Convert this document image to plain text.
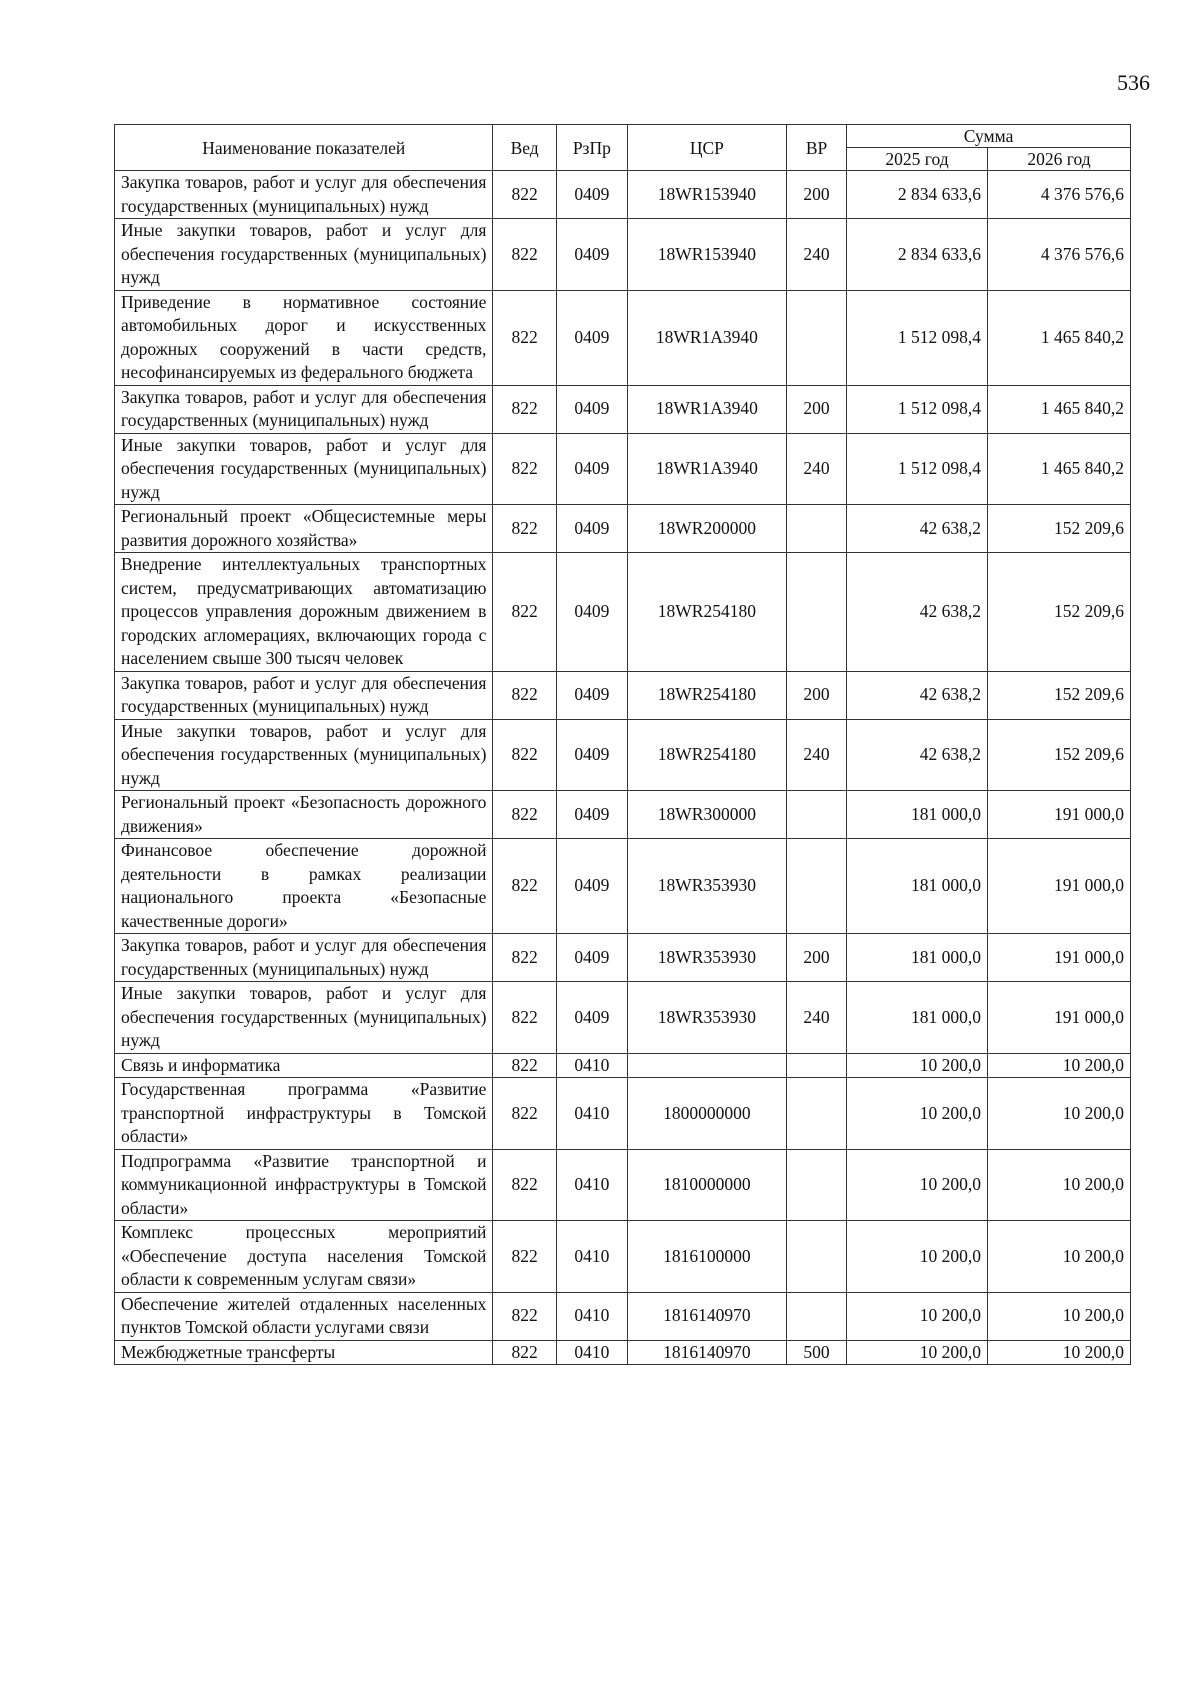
536
Наименование показателей	Вед	РзПр	ЦСР	ВР	Сумма	
					2025 год	2026 год
Закупка товаров, работ и услуг для обеспечения государственных (муниципальных) нужд	822	0409	18WR153940	200	2 834 633,6	4 376 576,6
Иные закупки товаров, работ и услуг для обеспечения государственных (муниципальных) нужд	822	0409	18WR153940	240	2 834 633,6	4 376 576,6
Приведение в нормативное состояние автомобильных дорог и искусственных дорожных сооружений в части средств, несофинансируемых из федерального бюджета	822	0409	18WR1A3940		1 512 098,4	1 465 840,2
Закупка товаров, работ и услуг для обеспечения государственных (муниципальных) нужд	822	0409	18WR1A3940	200	1 512 098,4	1 465 840,2
Иные закупки товаров, работ и услуг для обеспечения государственных (муниципальных) нужд	822	0409	18WR1A3940	240	1 512 098,4	1 465 840,2
Региональный проект «Общесистемные меры развития дорожного хозяйства»	822	0409	18WR200000		42 638,2	152 209,6
Внедрение интеллектуальных транспортных систем, предусматривающих автоматизацию процессов управления дорожным движением в городских агломерациях, включающих города с населением свыше 300 тысяч человек	822	0409	18WR254180		42 638,2	152 209,6
Закупка товаров, работ и услуг для обеспечения государственных (муниципальных) нужд	822	0409	18WR254180	200	42 638,2	152 209,6
Иные закупки товаров, работ и услуг для обеспечения государственных (муниципальных) нужд	822	0409	18WR254180	240	42 638,2	152 209,6
Региональный проект «Безопасность дорожного движения»	822	0409	18WR300000		181 000,0	191 000,0
Финансовое обеспечение дорожной деятельности в рамках реализации национального проекта «Безопасные качественные дороги»	822	0409	18WR353930		181 000,0	191 000,0
Закупка товаров, работ и услуг для обеспечения государственных (муниципальных) нужд	822	0409	18WR353930	200	181 000,0	191 000,0
Иные закупки товаров, работ и услуг для обеспечения государственных (муниципальных) нужд	822	0409	18WR353930	240	181 000,0	191 000,0
Связь и информатика	822	0410			10 200,0	10 200,0
Государственная программа «Развитие транспортной инфраструктуры в Томской области»	822	0410	1800000000		10 200,0	10 200,0
Подпрограмма «Развитие транспортной и коммуникационной инфраструктуры в Томской области»	822	0410	1810000000		10 200,0	10 200,0
Комплекс процессных мероприятий «Обеспечение доступа населения Томской области к современным услугам связи»	822	0410	1816100000		10 200,0	10 200,0
Обеспечение жителей отдаленных населенных пунктов Томской области услугами связи	822	0410	1816140970		10 200,0	10 200,0
Межбюджетные трансферты	822	0410	1816140970	500	10 200,0	10 200,0
